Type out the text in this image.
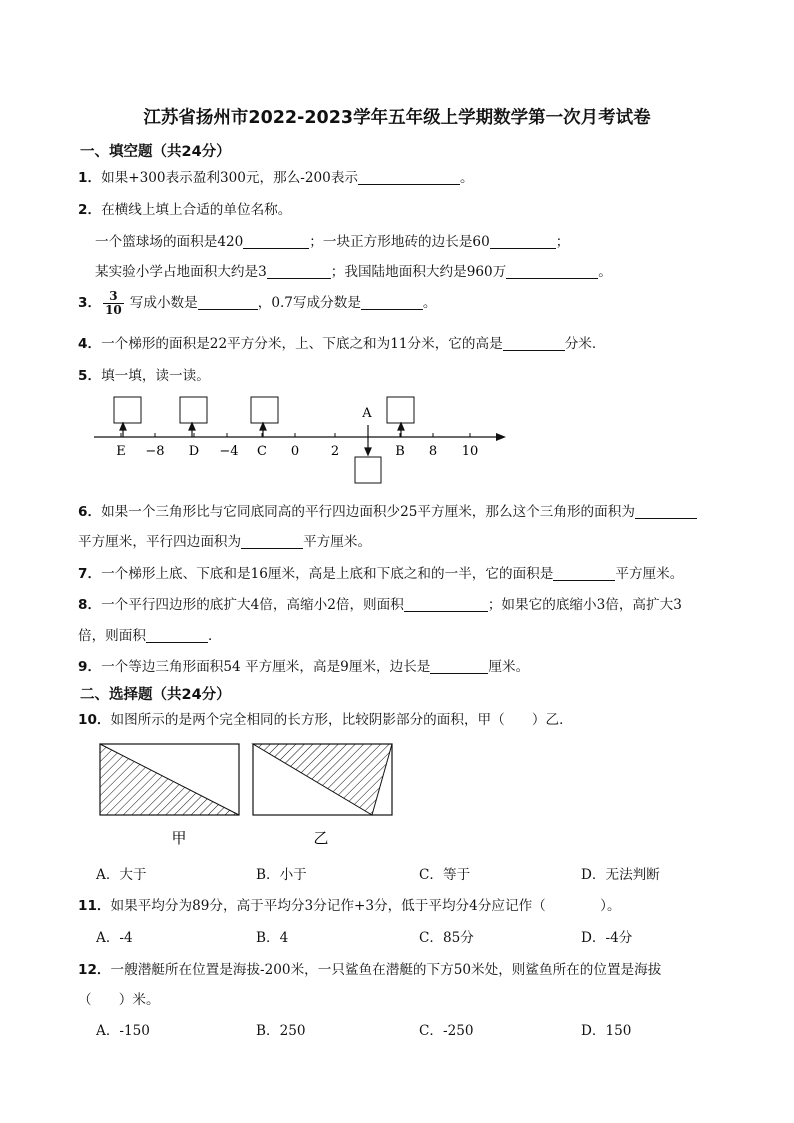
江苏省扬州市2022-2023学年五年级上学期数学第一次月考试卷
一、填空题（共24分）
1．如果+300表示盈利300元，那么-200表示	。
2．在横线上填上合适的单位名称。
一个篮球场的面积是420	；一块正方形地砖的边长是60	；
某实验小学占地面积大约是3	；我国陆地面积大约是960万	。
3． $\frac{3}{10}$ 写成小数是	，0.7写成分数是	。
4．一个梯形的面积是22平方分米，上、下底之和为11分米，它的高是	分米．
5．填一填，读一读。
A
E −8 D −4 C 0 2	B 8 10
6．如果一个三角形比与它同底同高的平行四边面积少25平方厘米，那么这个三角形的面积为
平方厘米，平行四边面积为	平方厘米。
7．一个梯形上底、下底和是16厘米，高是上底和下底之和的一半，它的面积是	平方厘米。
8．一个平行四边形的底扩大4倍，高缩小2倍，则面积	；如果它的底缩小3倍，高扩大3
倍，则面积	．
9．一个等边三角形面积54 平方厘米，高是9厘米，边长是	厘米。
二、选择题（共24分）
10．如图所示的是两个完全相同的长方形，比较阴影部分的面积，甲（　　）乙．
甲	乙
A．大于	B．小于	C．等于	D．无法判断
11．如果平均分为89分，高于平均分3分记作+3分，低于平均分4分应记作（　　　　）。
A．-4	B．4	C．85分	D．-4分
12．一艘潜艇所在位置是海拔-200米，一只鲨鱼在潜艇的下方50米处，则鲨鱼所在的位置是海拔
（　　）米。
A．-150	B．250	C．-250	D．150
